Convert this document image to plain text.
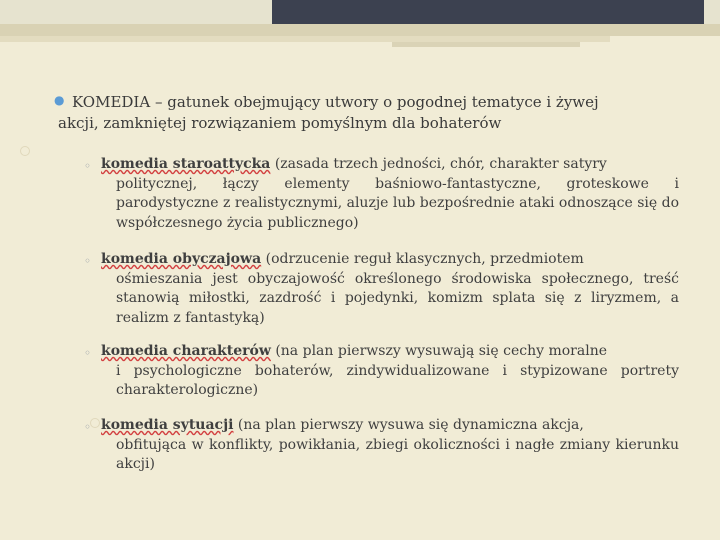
● KOMEDIA – gatunek obejmujący utwory o pogodnej tematyce i żywej
akcji, zamkniętej rozwiązaniem pomyślnym dla bohaterów
◦ komedia staroattycka (zasada trzech jedności, chór, charakter satyry
politycznej, łączy elementy baśniowo-fantastyczne, groteskowe i parodystyczne z realistycznymi, aluzje lub bezpośrednie ataki odnoszące się do współczesnego życia publicznego)
◦ komedia obyczajowa (odrzucenie reguł klasycznych, przedmiotem
ośmieszania jest obyczajowość określonego środowiska społecznego, treść stanowią miłostki, zazdrość i pojedynki, komizm splata się z liryzmem, a realizm z fantastyką)
◦ komedia charakterów (na plan pierwszy wysuwają się cechy moralne
i psychologiczne bohaterów, zindywidualizowane i stypizowane portrety charakterologiczne)
◦ komedia sytuacji (na plan pierwszy wysuwa się dynamiczna akcja,
obfitująca w konflikty, powikłania, zbiegi okoliczności i nagłe zmiany kierunku akcji)
